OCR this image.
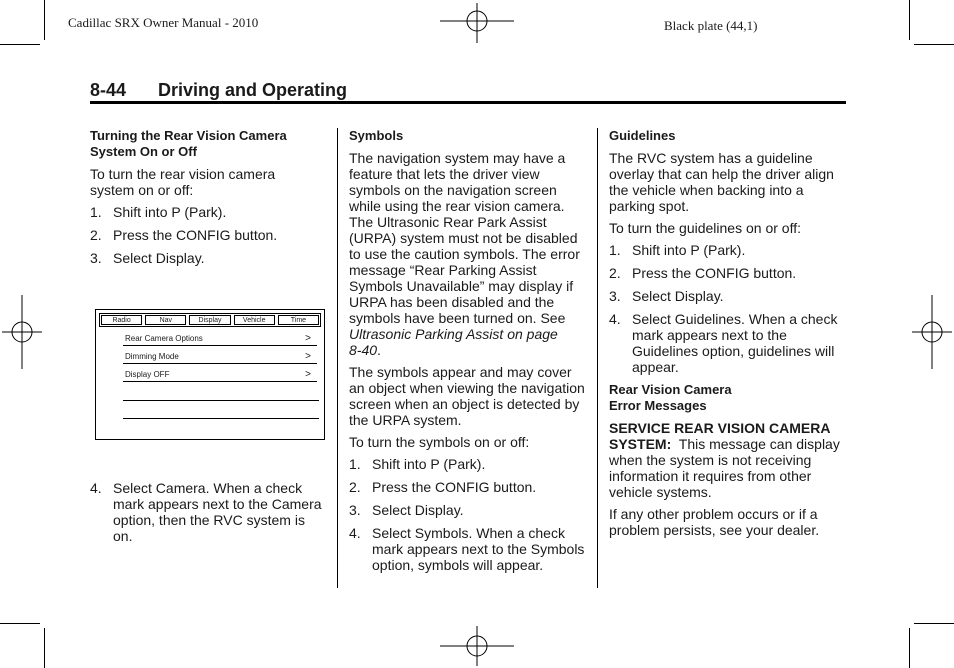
Cadillac SRX Owner Manual - 2010	Black plate (44,1)
8-44 Driving and Operating
Turning the Rear Vision Camera System On or Off

To turn the rear vision camera system on or off:

1. Shift into P (Park).
2. Press the CONFIG button.
3. Select Display.
Radio	Nav	Display	Vehicle	Time
Rear Camera Options	>
Dimming Mode	>
Display OFF	>
4. Select Camera. When a check mark appears next to the Camera option, then the RVC system is on.
Symbols

The navigation system may have a feature that lets the driver view symbols on the navigation screen while using the rear vision camera. The Ultrasonic Rear Park Assist (URPA) system must not be disabled to use the caution symbols. The error message “Rear Parking Assist Symbols Unavailable” may display if URPA has been disabled and the symbols have been turned on. See Ultrasonic Parking Assist on page 8‑40.

The symbols appear and may cover an object when viewing the navigation screen when an object is detected by the URPA system.

To turn the symbols on or off:

1. Shift into P (Park).
2. Press the CONFIG button.
3. Select Display.
4. Select Symbols. When a check mark appears next to the Symbols option, symbols will appear.
Guidelines

The RVC system has a guideline overlay that can help the driver align the vehicle when backing into a parking spot.

To turn the guidelines on or off:

1. Shift into P (Park).
2. Press the CONFIG button.
3. Select Display.
4. Select Guidelines. When a check mark appears next to the Guidelines option, guidelines will appear.
Rear Vision Camera
Error Messages

SERVICE REAR VISION CAMERA SYSTEM: This message can display when the system is not receiving information it requires from other vehicle systems.

If any other problem occurs or if a problem persists, see your dealer.
